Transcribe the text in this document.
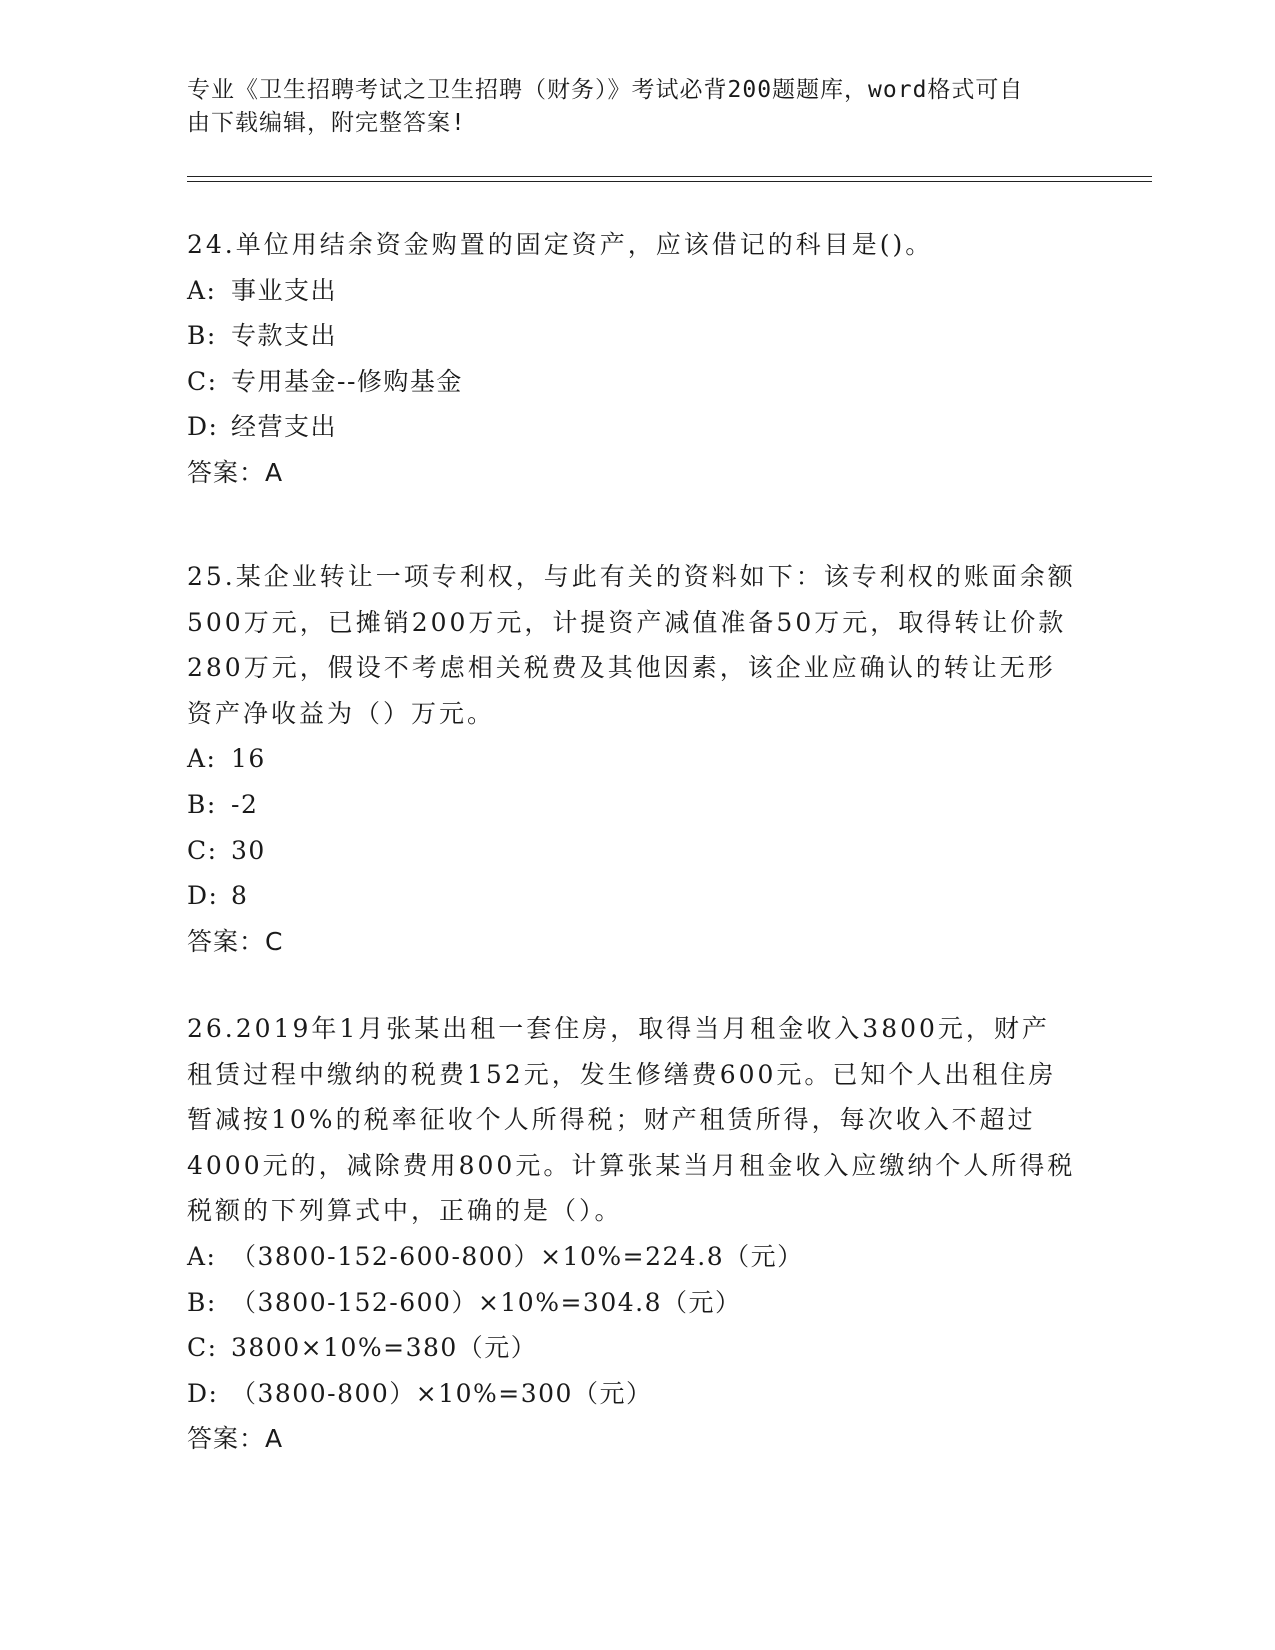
专业《卫生招聘考试之卫生招聘（财务）》考试必背200题题库，word格式可自
由下载编辑，附完整答案!

24.单位用结余资金购置的固定资产，应该借记的科目是()。

A: 事业支出

B: 专款支出

C: 专用基金--修购基金

D: 经营支出

答案：A

25.某企业转让一项专利权，与此有关的资料如下：该专利权的账面余额500万元，已摊销200万元，计提资产减值准备50万元，取得转让价款280万元，假设不考虑相关税费及其他因素，该企业应确认的转让无形资产净收益为（）万元。

A: 16

B: -2

C: 30

D: 8

答案：C

26.2019年1月张某出租一套住房，取得当月租金收入3800元，财产租赁过程中缴纳的税费152元，发生修缮费600元。已知个人出租住房暂减按10%的税率征收个人所得税；财产租赁所得，每次收入不超过4000元的，减除费用800元。计算张某当月租金收入应缴纳个人所得税税额的下列算式中，正确的是（）。

A: （3800-152-600-800）×10%=224.8（元）

B: （3800-152-600）×10%=304.8（元）

C: 3800×10%=380（元）

D: （3800-800）×10%=300（元）

答案：A
